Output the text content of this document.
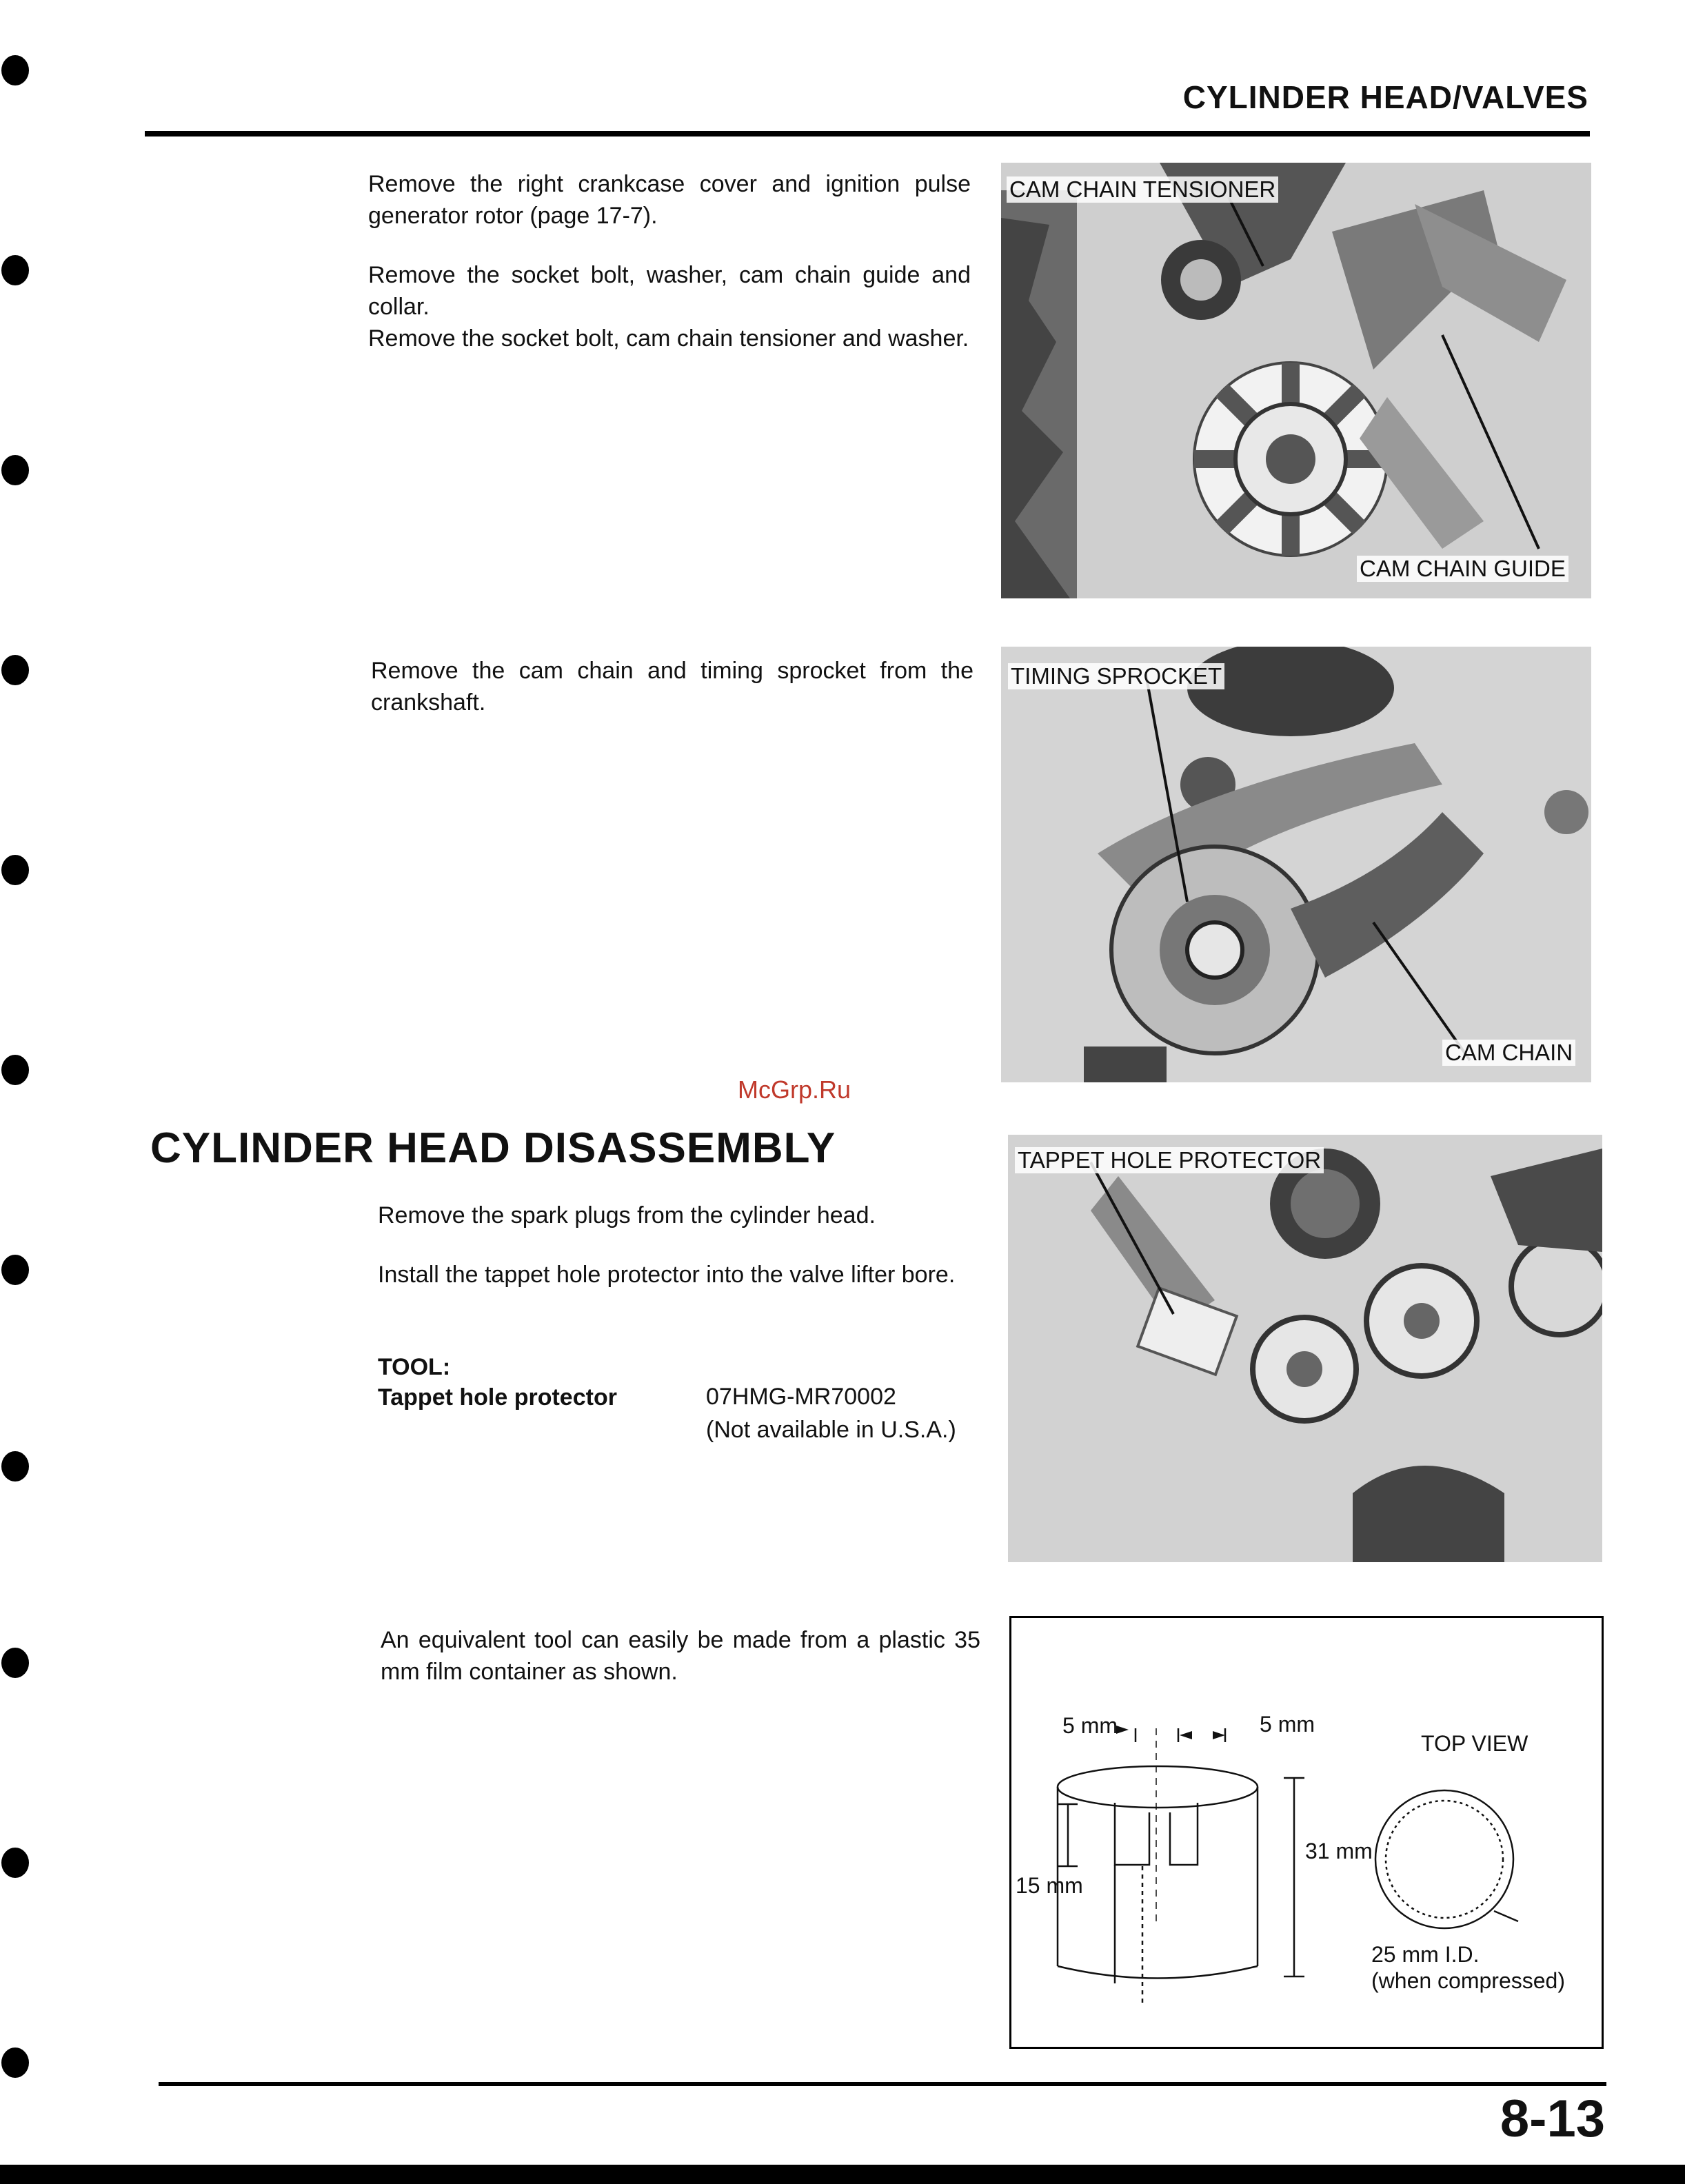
CYLINDER HEAD/VALVES
Remove the right crankcase cover and ignition pulse generator rotor (page 17-7).
Remove the socket bolt, washer, cam chain guide and collar.
Remove the socket bolt, cam chain tensioner and washer.
Remove the cam chain and timing sprocket from the crankshaft.
CAM CHAIN TENSIONER
CAM CHAIN GUIDE
TIMING SPROCKET
CAM CHAIN
McGrp.Ru
CYLINDER HEAD DISASSEMBLY
Remove the spark plugs from the cylinder head.
Install the tappet hole protector into the valve lifter bore.
TOOL:
Tappet hole protector	07HMG-MR70002
(Not available in U.S.A.)
TAPPET HOLE PROTECTOR
An equivalent tool can easily be made from a plastic 35 mm film container as shown.
5 mm	5 mm
TOP VIEW
31 mm
15 mm
25 mm I.D.
(when compressed)
8-13
